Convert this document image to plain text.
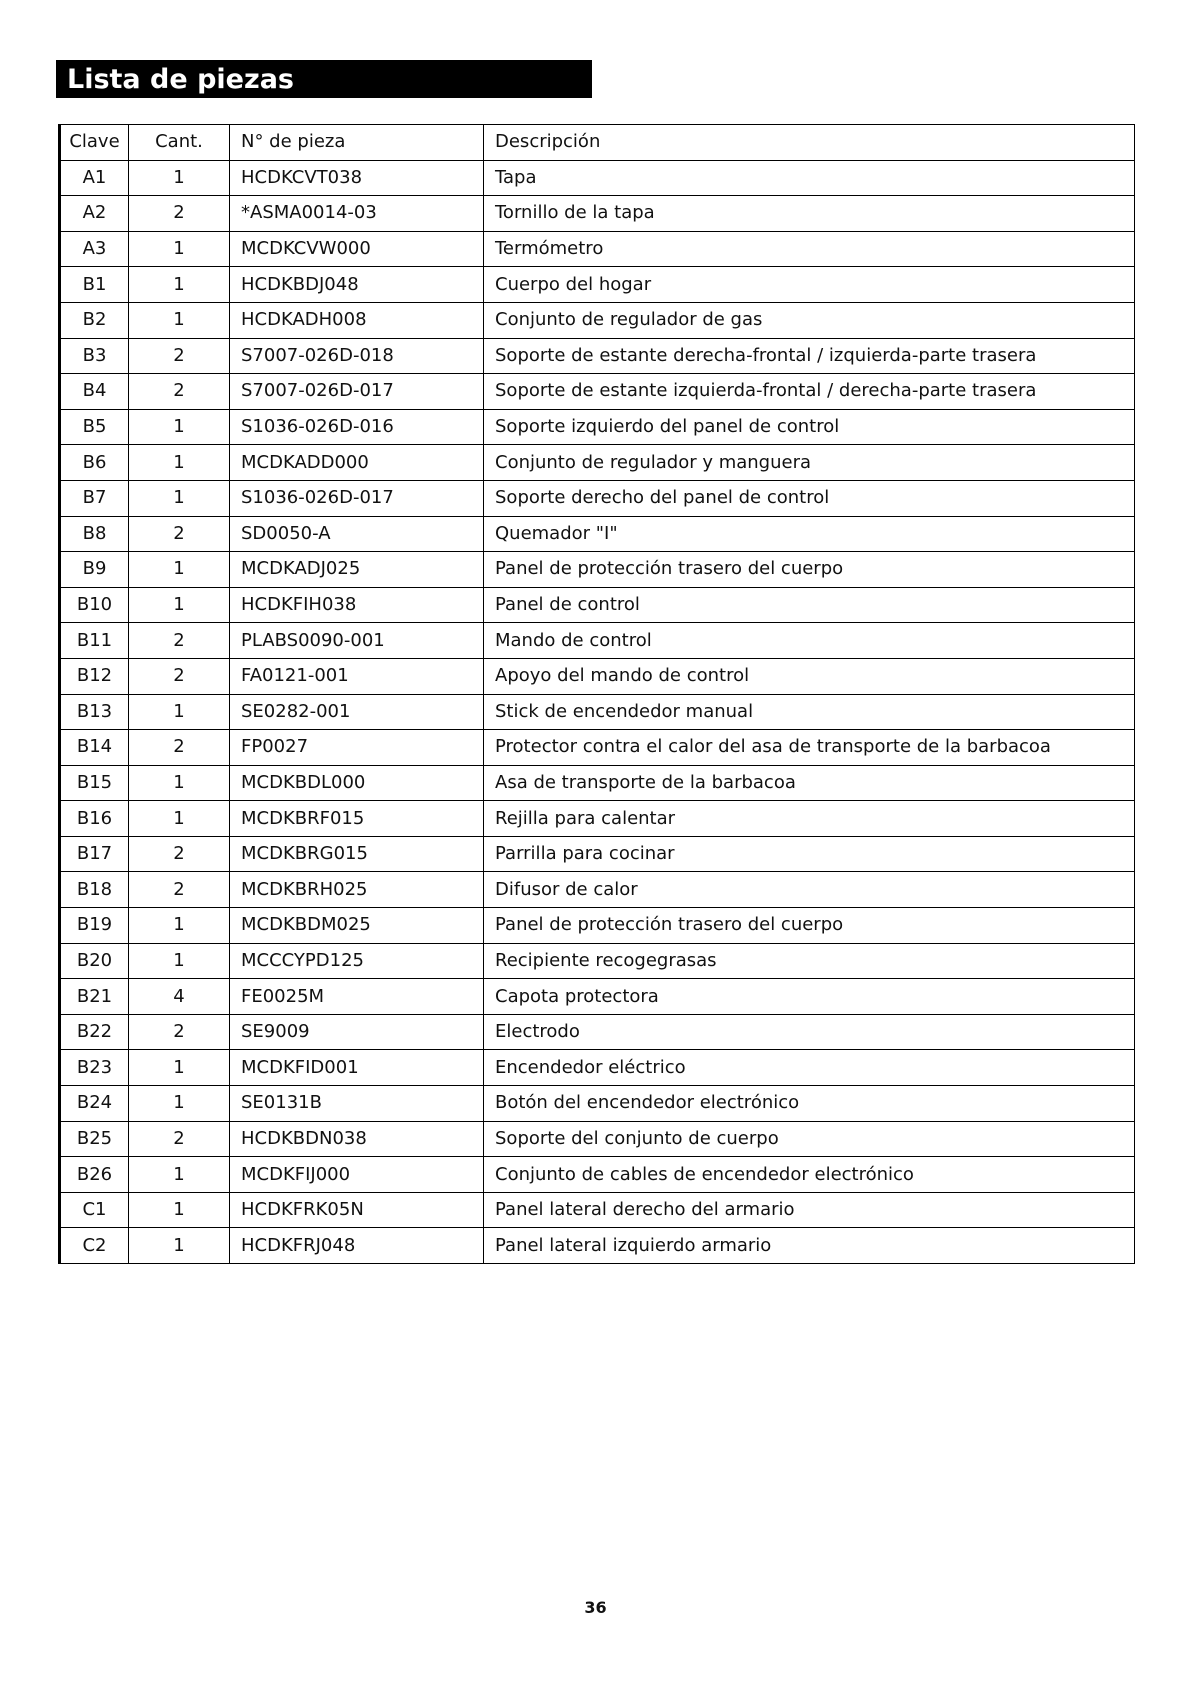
Lista de piezas
Clave	Cant.	N° de pieza	Descripción
A1	1	HCDKCVT038	Tapa
A2	2	*ASMA0014-03	Tornillo de la tapa
A3	1	MCDKCVW000	Termómetro
B1	1	HCDKBDJ048	Cuerpo del hogar
B2	1	HCDKADH008	Conjunto de regulador de gas
B3	2	S7007-026D-018	Soporte de estante derecha-frontal / izquierda-parte trasera
B4	2	S7007-026D-017	Soporte de estante izquierda-frontal / derecha-parte trasera
B5	1	S1036-026D-016	Soporte izquierdo del panel de control
B6	1	MCDKADD000	Conjunto de regulador y manguera
B7	1	S1036-026D-017	Soporte derecho del panel de control
B8	2	SD0050-A	Quemador "I"
B9	1	MCDKADJ025	Panel de protección trasero del cuerpo
B10	1	HCDKFIH038	Panel de control
B11	2	PLABS0090-001	Mando de control
B12	2	FA0121-001	Apoyo del mando de control
B13	1	SE0282-001	Stick de encendedor manual
B14	2	FP0027	Protector contra el calor del asa de transporte de la barbacoa
B15	1	MCDKBDL000	Asa de transporte de la barbacoa
B16	1	MCDKBRF015	Rejilla para calentar
B17	2	MCDKBRG015	Parrilla para cocinar
B18	2	MCDKBRH025	Difusor de calor
B19	1	MCDKBDM025	Panel de protección trasero del cuerpo
B20	1	MCCCYPD125	Recipiente recogegrasas
B21	4	FE0025M	Capota protectora
B22	2	SE9009	Electrodo
B23	1	MCDKFID001	Encendedor eléctrico
B24	1	SE0131B	Botón del encendedor electrónico
B25	2	HCDKBDN038	Soporte del conjunto de cuerpo
B26	1	MCDKFIJ000	Conjunto de cables de encendedor electrónico
C1	1	HCDKFRK05N	Panel lateral derecho del armario
C2	1	HCDKFRJ048	Panel lateral izquierdo armario
36
